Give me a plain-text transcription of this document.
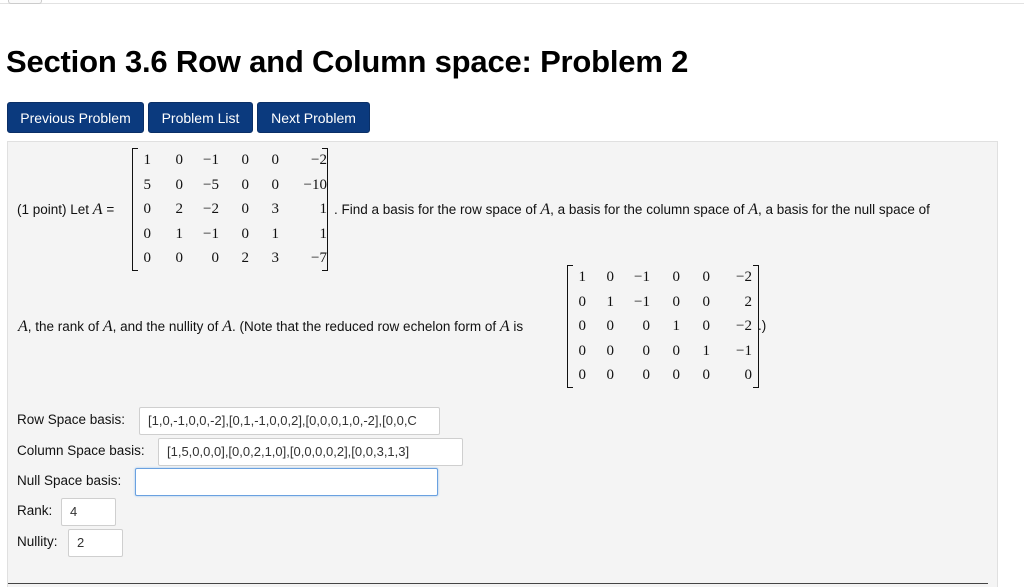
Section 3.6 Row and Column space: Problem 2
Previous Problem	Problem List	Next Problem
(1 point) Let A =
1	0	−1	0	0	−2
5	0	−5	0	0	−10
0	2	−2	0	3	1
0	1	−1	0	1	1
0	0	0	2	3	−7
. Find a basis for the row space of A, a basis for the column space of A, a basis for the null space of
A, the rank of A, and the nullity of A. (Note that the reduced row echelon form of A is
1	0	−1	0	0	−2
0	1	−1	0	0	2
0	0	0	1	0	−2
0	0	0	0	1	−1
0	0	0	0	0	0
.)
Row Space basis:	[1,0,-1,0,0,-2],[0,1,-1,0,0,2],[0,0,0,1,0,-2],[0,0,C
Column Space basis:	[1,5,0,0,0],[0,0,2,1,0],[0,0,0,0,2],[0,0,3,1,3]
Null Space basis:
Rank:	4
Nullity:	2
